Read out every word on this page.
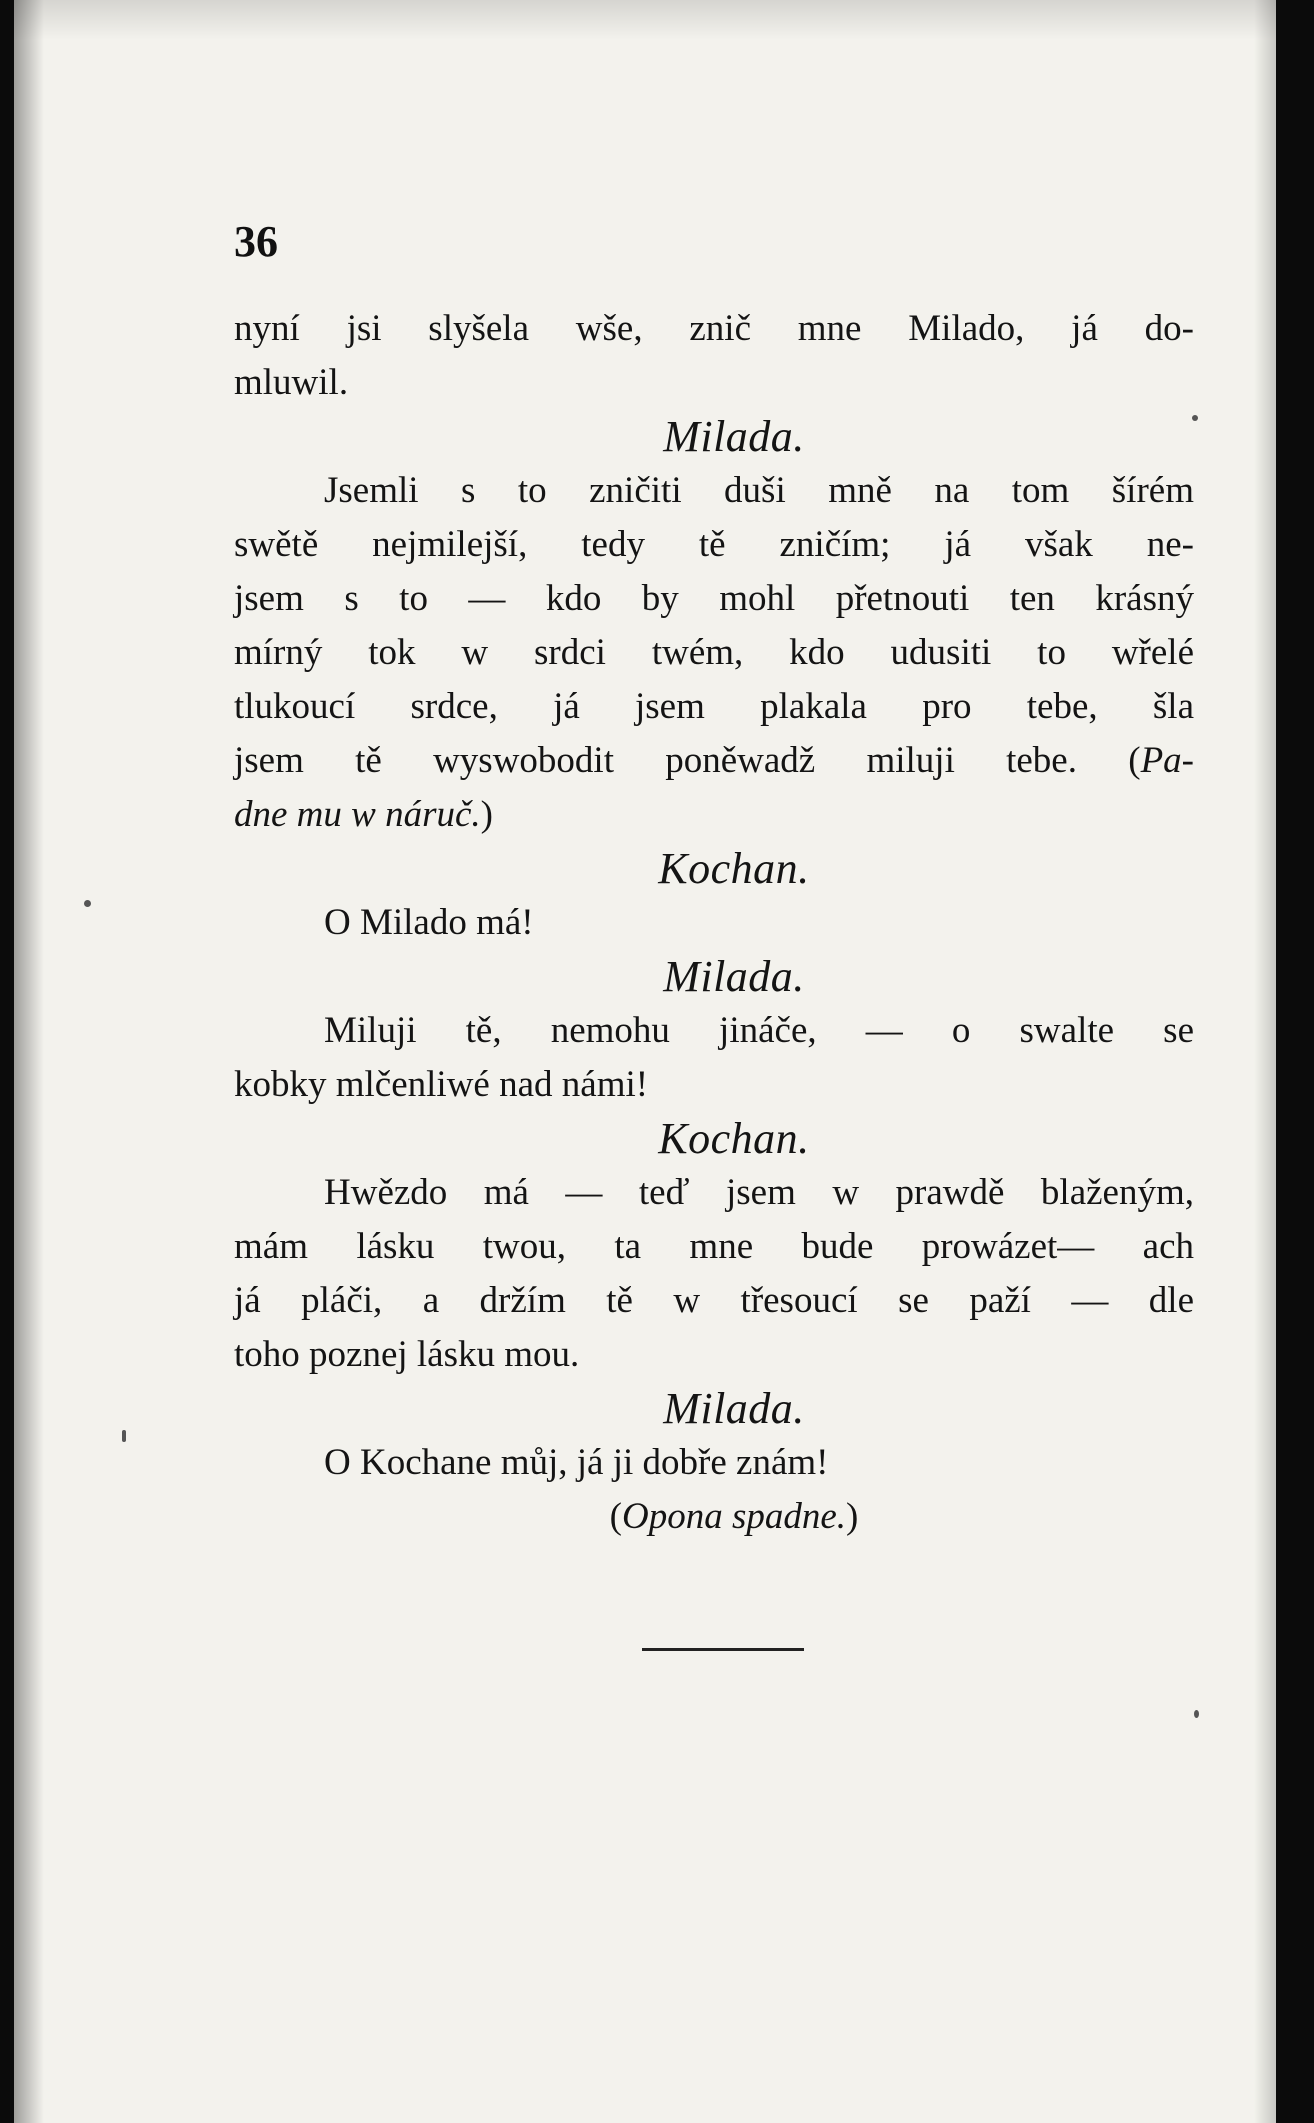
36
nyní jsi slyšela wše, znič mne Milado, já do-
mluwil.
Milada.
Jsemli s to zničiti duši mně na tom šírém
swětě nejmilejší, tedy tě zničím; já však ne-
jsem s to — kdo by mohl přetnouti ten krásný
mírný tok w srdci twém, kdo udusiti to wřelé
tlukoucí srdce, já jsem plakala pro tebe, šla
jsem tě wyswobodit poněwadž miluji tebe. (Pa-
dne mu w náruč.)
Kochan.
O Milado má!
Milada.
Miluji tě, nemohu jináče, — o swalte se
kobky mlčenliwé nad námi!
Kochan.
Hwězdo má — teď jsem w prawdě blaženým,
mám lásku twou, ta mne bude prowázet— ach
já pláči, a držím tě w třesoucí se paží — dle
toho poznej lásku mou.
Milada.
O Kochane můj, já ji dobře znám!
(Opona spadne.)
